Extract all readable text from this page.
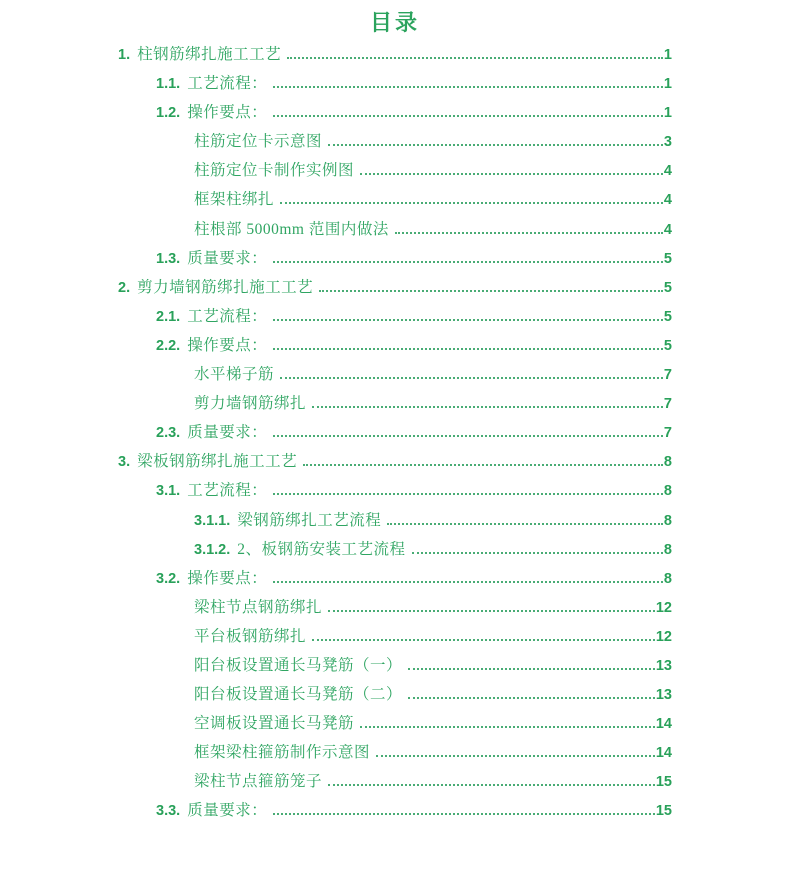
目录
1. 柱钢筋绑扎施工工艺	1
1.1. 工艺流程：	1
1.2. 操作要点：	1
柱筋定位卡示意图	3
柱筋定位卡制作实例图	4
框架柱绑扎	4
柱根部 5000mm 范围内做法	4
1.3. 质量要求：	5
2. 剪力墙钢筋绑扎施工工艺	5
2.1. 工艺流程：	5
2.2. 操作要点：	5
水平梯子筋	7
剪力墙钢筋绑扎	7
2.3. 质量要求：	7
3. 梁板钢筋绑扎施工工艺	8
3.1. 工艺流程：	8
3.1.1. 梁钢筋绑扎工艺流程	8
3.1.2. 2、板钢筋安装工艺流程	8
3.2. 操作要点：	8
梁柱节点钢筋绑扎	12
平台板钢筋绑扎	12
阳台板设置通长马凳筋（一）	13
阳台板设置通长马凳筋（二）	13
空调板设置通长马凳筋	14
框架梁柱箍筋制作示意图	14
梁柱节点箍筋笼子	15
3.3. 质量要求：	15
